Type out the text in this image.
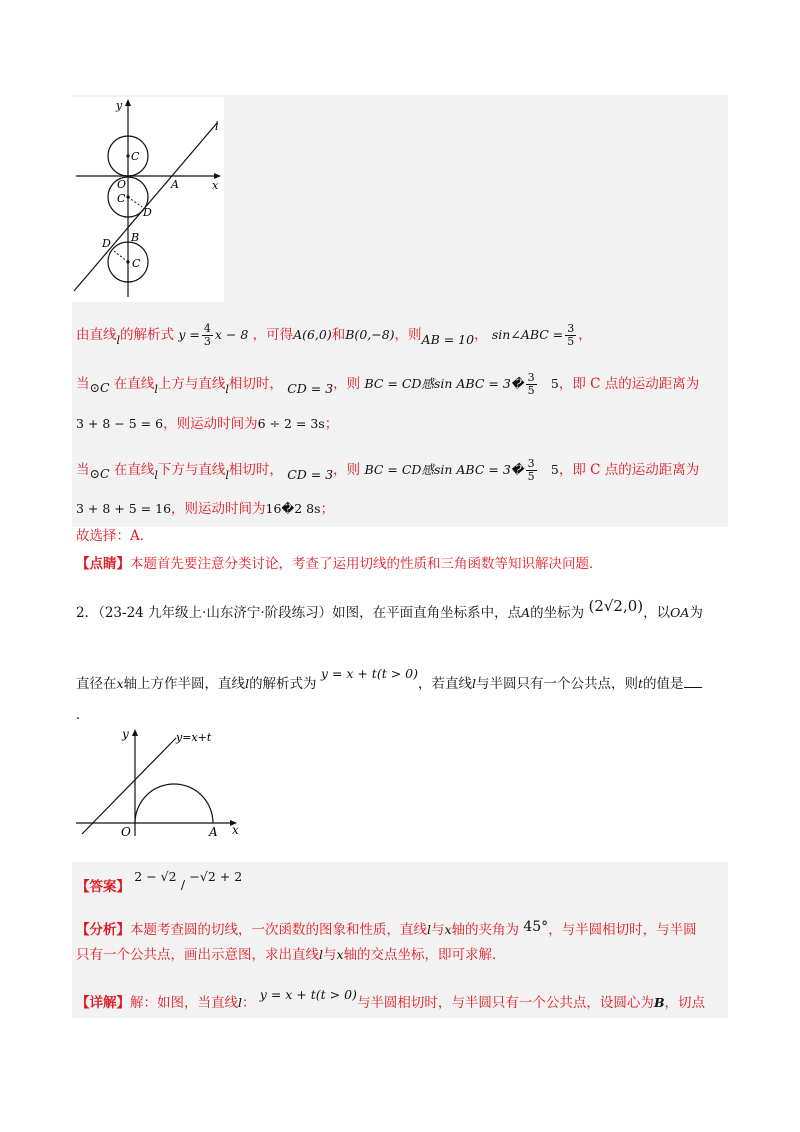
y
x
l
O	A
B
C
C
C
D
D
由直线$_l$的解析式 $y = \frac{4}{3}$ x − 8 ，可得A(6,0)和B(0,−8)，则AB = 10， sin∠ABC = $\frac{3}{5}$ ，
当⊙C 在直线$_l$上方与直线$_l$相切时， CD = 3，则 BC = CD感sin ABC = 3� $\frac{3}{5} 5$，即 C 点的运动距离为
3 + 8 − 5 = 6，则运动时间为6 ÷ 2 = 3s；
当⊙C 在直线$_l$下方与直线$_l$相切时， CD = 3，则 BC = CD感sin ABC = 3� $\frac{3}{5} 5$，即 C 点的运动距离为
3 + 8 + 5 = 16，则运动时间为16�2 8s；
故选择：A．
【点睛】本题首先要注意分类讨论，考查了运用切线的性质和三角函数等知识解决问题．
2．（23-24 九年级上·山东济宁·阶段练习）如图，在平面直角坐标系中，点A的坐标为 (2√2,0)，以OA为
直径在x轴上方作半圆，直线l的解析式为 y = x + t(t > 0)，若直线l与半圆只有一个公共点，则t的值是
．
y=x+t
y
x
O	A
【答案】 2 − √2 / −√2 + 2
【分析】本题考查圆的切线，一次函数的图象和性质，直线l与x轴的夹角为 45°，与半圆相切时，与半圆
只有一个公共点，画出示意图，求出直线l与x轴的交点坐标，即可求解．
【详解】解：如图，当直线l： y = x + t(t > 0)与半圆相切时，与半圆只有一个公共点，设圆心为B，切点
